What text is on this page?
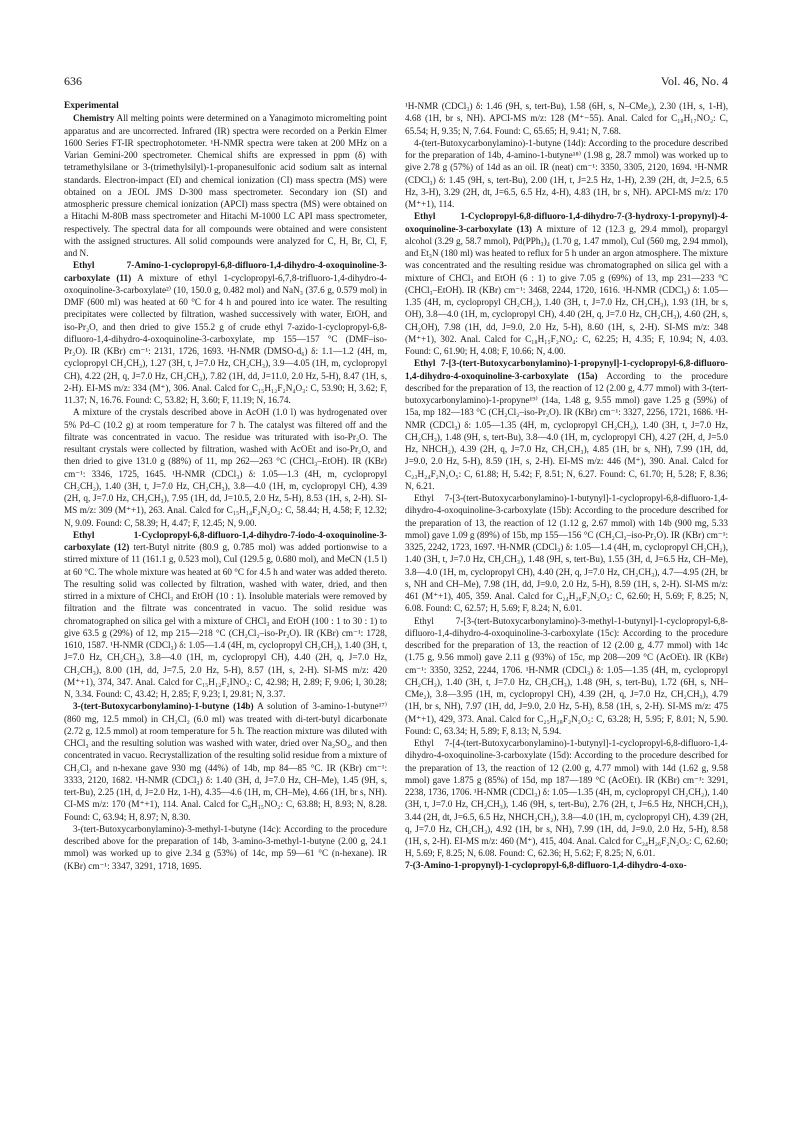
636	Vol. 46, No. 4
Experimental

Chemistry All melting points were determined on a Yanagimoto micromelting point apparatus and are uncorrected. Infrared (IR) spectra were recorded on a Perkin Elmer 1600 Series FT-IR spectrophotometer. ¹H-NMR spectra were taken at 200 MHz on a Varian Gemini-200 spectrometer. Chemical shifts are expressed in ppm (δ) with tetramethylsilane or 3-(trimethylsilyl)-1-propanesulfonic acid sodium salt as internal standards. Electron-impact (EI) and chemical ionization (CI) mass spectra (MS) were obtained on a JEOL JMS D-300 mass spectrometer. Secondary ion (SI) and atmospheric pressure chemical ionization (APCI) mass spectra (MS) were obtained on a Hitachi M-80B mass spectrometer and Hitachi M-1000 LC API mass spectrometer, respectively. The spectral data for all compounds were obtained and were consistent with the assigned structures. All solid compounds were analyzed for C, H, Br, Cl, F, and N.

Ethyl 7-Amino-1-cyclopropyl-6,8-difluoro-1,4-dihydro-4-oxoquinoline-3-carboxylate (11) A mixture of ethyl 1-cyclopropyl-6,7,8-trifluoro-1,4-dihydro-4-oxoquinoline-3-carboxylate²⁾ (10, 150.0 g, 0.482 mol) and NaN₃ (37.6 g, 0.579 mol) in DMF (600 ml) was heated at 60 °C for 4 h and poured into ice water. The resulting precipitates were collected by filtration, washed successively with water, EtOH, and iso-Pr₂O, and then dried to give 155.2 g of crude ethyl 7-azido-1-cyclopropyl-6,8-difluoro-1,4-dihydro-4-oxoquinoline-3-carboxylate, mp 155—157 °C (DMF–iso-Pr₂O). IR (KBr) cm⁻¹: 2131, 1726, 1693. ¹H-NMR (DMSO-d₆) δ: 1.1—1.2 (4H, m, cyclopropyl CH₂CH₂), 1.27 (3H, t, J=7.0 Hz, CH₂CH₃), 3.9—4.05 (1H, m, cyclopropyl CH), 4.22 (2H, q, J=7.0 Hz, CH₂CH₃), 7.82 (1H, dd, J=11.0, 2.0 Hz, 5-H), 8.47 (1H, s, 2-H). EI-MS m/z: 334 (M⁺), 306. Anal. Calcd for C₁₅H₁₂F₂N₄O₃: C, 53.90; H, 3.62; F, 11.37; N, 16.76. Found: C, 53.82; H, 3.60; F, 11.19; N, 16.74.

A mixture of the crystals described above in AcOH (1.0 l) was hydrogenated over 5% Pd–C (10.2 g) at room temperature for 7 h. The catalyst was filtered off and the filtrate was concentrated in vacuo. The residue was triturated with iso-Pr₂O. The resultant crystals were collected by filtration, washed with AcOEt and iso-Pr₂O, and then dried to give 131.0 g (88%) of 11, mp 262—263 °C (CHCl₃–EtOH). IR (KBr) cm⁻¹: 3346, 1725, 1645. ¹H-NMR (CDCl₃) δ: 1.05—1.3 (4H, m, cyclopropyl CH₂CH₂), 1.40 (3H, t, J=7.0 Hz, CH₂CH₃), 3.8—4.0 (1H, m, cyclopropyl CH), 4.39 (2H, q, J=7.0 Hz, CH₂CH₃), 7.95 (1H, dd, J=10.5, 2.0 Hz, 5-H), 8.53 (1H, s, 2-H). SI-MS m/z: 309 (M⁺+1), 263. Anal. Calcd for C₁₅H₁₄F₂N₂O₃: C, 58.44; H, 4.58; F, 12.32; N, 9.09. Found: C, 58.39; H, 4.47; F, 12.45; N, 9.00.

Ethyl 1-Cyclopropyl-6,8-difluoro-1,4-dihydro-7-iodo-4-oxoquinoline-3-carboxylate (12) tert-Butyl nitrite (80.9 g, 0.785 mol) was added portionwise to a stirred mixture of 11 (161.1 g, 0.523 mol), CuI (129.5 g, 0.680 mol), and MeCN (1.5 l) at 60 °C. The whole mixture was heated at 60 °C for 4.5 h and water was added thereto. The resulting solid was collected by filtration, washed with water, dried, and then stirred in a mixture of CHCl₃ and EtOH (10 : 1). Insoluble materials were removed by filtration and the filtrate was concentrated in vacuo. The solid residue was chromatographed on silica gel with a mixture of CHCl₃ and EtOH (100 : 1 to 30 : 1) to give 63.5 g (29%) of 12, mp 215—218 °C (CH₂Cl₂–iso-Pr₂O). IR (KBr) cm⁻¹: 1728, 1610, 1587. ¹H-NMR (CDCl₃) δ: 1.05—1.4 (4H, m, cyclopropyl CH₂CH₂), 1.40 (3H, t, J=7.0 Hz, CH₂CH₃), 3.8—4.0 (1H, m, cyclopropyl CH), 4.40 (2H, q, J=7.0 Hz, CH₂CH₃), 8.00 (1H, dd, J=7.5, 2.0 Hz, 5-H), 8.57 (1H, s, 2-H). SI-MS m/z: 420 (M⁺+1), 374, 347. Anal. Calcd for C₁₅H₁₂F₂INO₃: C, 42.98; H, 2.89; F, 9.06; I, 30.28; N, 3.34. Found: C, 43.42; H, 2.85; F, 9.23; I, 29.81; N, 3.37.

3-(tert-Butoxycarbonylamino)-1-butyne (14b) A solution of 3-amino-1-butyne¹⁷⁾ (860 mg, 12.5 mmol) in CH₂Cl₂ (6.0 ml) was treated with di-tert-butyl dicarbonate (2.72 g, 12.5 mmol) at room temperature for 5 h. The reaction mixture was diluted with CHCl₃ and the resulting solution was washed with water, dried over Na₂SO₄, and then concentrated in vacuo. Recrystallization of the resulting solid residue from a mixture of CH₂Cl₂ and n-hexane gave 930 mg (44%) of 14b, mp 84—85 °C. IR (KBr) cm⁻¹: 3333, 2120, 1682. ¹H-NMR (CDCl₃) δ: 1.40 (3H, d, J=7.0 Hz, CH–Me), 1.45 (9H, s, tert-Bu), 2.25 (1H, d, J=2.0 Hz, 1-H), 4.35—4.6 (1H, m, CH–Me), 4.66 (1H, br s, NH). CI-MS m/z: 170 (M⁺+1), 114. Anal. Calcd for C₉H₁₅NO₂: C, 63.88; H, 8.93; N, 8.28. Found: C, 63.94; H, 8.97; N, 8.30.

3-(tert-Butoxycarbonylamino)-3-methyl-1-butyne (14c): According to the procedure described above for the preparation of 14b, 3-amino-3-methyl-1-butyne (2.00 g, 24.1 mmol) was worked up to give 2.34 g (53%) of 14c, mp 59—61 °C (n-hexane). IR (KBr) cm⁻¹: 3347, 3291, 1718, 1695.

¹H-NMR (CDCl₃) δ: 1.46 (9H, s, tert-Bu), 1.58 (6H, s, N–CMe₂), 2.30 (1H, s, 1-H), 4.68 (1H, br s, NH). APCI-MS m/z: 128 (M⁺−55). Anal. Calcd for C₁₀H₁₇NO₂: C, 65.54; H, 9.35; N, 7.64. Found: C, 65.65; H, 9.41; N, 7.68.

4-(tert-Butoxycarbonylamino)-1-butyne (14d): According to the procedure described for the preparation of 14b, 4-amino-1-butyne¹⁸⁾ (1.98 g, 28.7 mmol) was worked up to give 2.78 g (57%) of 14d as an oil. IR (neat) cm⁻¹: 3350, 3305, 2120, 1694. ¹H-NMR (CDCl₃) δ: 1.45 (9H, s, tert-Bu), 2.00 (1H, t, J=2.5 Hz, 1-H), 2.39 (2H, dt, J=2.5, 6.5 Hz, 3-H), 3.29 (2H, dt, J=6.5, 6.5 Hz, 4-H), 4.83 (1H, br s, NH). APCI-MS m/z: 170 (M⁺+1), 114.

Ethyl 1-Cyclopropyl-6,8-difluoro-1,4-dihydro-7-(3-hydroxy-1-propynyl)-4-oxoquinoline-3-carboxylate (13) A mixture of 12 (12.3 g, 29.4 mmol), propargyl alcohol (3.29 g, 58.7 mmol), Pd(PPh₃)₄ (1.70 g, 1.47 mmol), CuI (560 mg, 2.94 mmol), and Et₃N (180 ml) was heated to reflux for 5 h under an argon atmosphere. The mixture was concentrated and the resulting residue was chromatographed on silica gel with a mixture of CHCl₃ and EtOH (6 : 1) to give 7.05 g (69%) of 13, mp 231—233 °C (CHCl₃–EtOH). IR (KBr) cm⁻¹: 3468, 2244, 1720, 1616. ¹H-NMR (CDCl₃) δ: 1.05—1.35 (4H, m, cyclopropyl CH₂CH₂), 1.40 (3H, t, J=7.0 Hz, CH₂CH₃), 1.93 (1H, br s, OH), 3.8—4.0 (1H, m, cyclopropyl CH), 4.40 (2H, q, J=7.0 Hz, CH₂CH₃), 4.60 (2H, s, CH₂OH), 7.98 (1H, dd, J=9.0, 2.0 Hz, 5-H), 8.60 (1H, s, 2-H). SI-MS m/z: 348 (M⁺+1), 302. Anal. Calcd for C₁₈H₁₅F₂NO₄: C, 62.25; H, 4.35; F, 10.94; N, 4.03. Found: C, 61.90; H, 4.08; F, 10.66; N, 4.00.

Ethyl 7-[3-(tert-Butoxycarbonylamino)-1-propynyl]-1-cyclopropyl-6,8-difluoro-1,4-dihydro-4-oxoquinoline-3-carboxylate (15a) According to the procedure described for the preparation of 13, the reaction of 12 (2.00 g, 4.77 mmol) with 3-(tert-butoxycarbonylamino)-1-propyne¹⁹⁾ (14a, 1.48 g, 9.55 mmol) gave 1.25 g (59%) of 15a, mp 182—183 °C (CH₂Cl₂–iso-Pr₂O). IR (KBr) cm⁻¹: 3327, 2256, 1721, 1686. ¹H-NMR (CDCl₃) δ: 1.05—1.35 (4H, m, cyclopropyl CH₂CH₂), 1.40 (3H, t, J=7.0 Hz, CH₂CH₃), 1.48 (9H, s, tert-Bu), 3.8—4.0 (1H, m, cyclopropyl CH), 4.27 (2H, d, J=5.0 Hz, NHCH₂), 4.39 (2H, q, J=7.0 Hz, CH₂CH₃), 4.85 (1H, br s, NH), 7.99 (1H, dd, J=9.0, 2.0 Hz, 5-H), 8.59 (1H, s, 2-H). EI-MS m/z: 446 (M⁺), 390. Anal. Calcd for C₂₃H₂₄F₂N₂O₅: C, 61.88; H, 5.42; F, 8.51; N, 6.27. Found: C, 61.70; H, 5.28; F, 8.36; N, 6.21.

Ethyl 7-[3-(tert-Butoxycarbonylamino)-1-butynyl]-1-cyclopropyl-6,8-difluoro-1,4-dihydro-4-oxoquinoline-3-carboxylate (15b): According to the procedure described for the preparation of 13, the reaction of 12 (1.12 g, 2.67 mmol) with 14b (900 mg, 5.33 mmol) gave 1.09 g (89%) of 15b, mp 155—156 °C (CH₂Cl₂–iso-Pr₂O). IR (KBr) cm⁻¹: 3325, 2242, 1723, 1697. ¹H-NMR (CDCl₃) δ: 1.05—1.4 (4H, m, cyclopropyl CH₂CH₂), 1.40 (3H, t, J=7.0 Hz, CH₂CH₃), 1.48 (9H, s, tert-Bu), 1.55 (3H, d, J=6.5 Hz, CH–Me), 3.8—4.0 (1H, m, cyclopropyl CH), 4.40 (2H, q, J=7.0 Hz, CH₂CH₃), 4.7—4.95 (2H, br s, NH and CH–Me), 7.98 (1H, dd, J=9.0, 2.0 Hz, 5-H), 8.59 (1H, s, 2-H). SI-MS m/z: 461 (M⁺+1), 405, 359. Anal. Calcd for C₂₄H₂₆F₂N₂O₅: C, 62.60; H, 5.69; F, 8.25; N, 6.08. Found: C, 62.57; H, 5.69; F, 8.24; N, 6.01.

Ethyl 7-[3-(tert-Butoxycarbonylamino)-3-methyl-1-butynyl]-1-cyclopropyl-6,8-difluoro-1,4-dihydro-4-oxoquinoline-3-carboxylate (15c): According to the procedure described for the preparation of 13, the reaction of 12 (2.00 g, 4.77 mmol) with 14c (1.75 g, 9.56 mmol) gave 2.11 g (93%) of 15c, mp 208—209 °C (AcOEt). IR (KBr) cm⁻¹: 3350, 3252, 2244, 1706. ¹H-NMR (CDCl₃) δ: 1.05—1.35 (4H, m, cyclopropyl CH₂CH₂), 1.40 (3H, t, J=7.0 Hz, CH₂CH₃), 1.48 (9H, s, tert-Bu), 1.72 (6H, s, NH–CMe₂), 3.8—3.95 (1H, m, cyclopropyl CH), 4.39 (2H, q, J=7.0 Hz, CH₂CH₃), 4.79 (1H, br s, NH), 7.97 (1H, dd, J=9.0, 2.0 Hz, 5-H), 8.58 (1H, s, 2-H). SI-MS m/z: 475 (M⁺+1), 429, 373. Anal. Calcd for C₂₅H₂₈F₂N₂O₅: C, 63.28; H, 5.95; F, 8.01; N, 5.90. Found: C, 63.34; H, 5.89; F, 8.13; N, 5.94.

Ethyl 7-[4-(tert-Butoxycarbonylamino)-1-butynyl]-1-cyclopropyl-6,8-difluoro-1,4-dihydro-4-oxoquinoline-3-carboxylate (15d): According to the procedure described for the preparation of 13, the reaction of 12 (2.00 g, 4.77 mmol) with 14d (1.62 g, 9.58 mmol) gave 1.875 g (85%) of 15d, mp 187—189 °C (AcOEt). IR (KBr) cm⁻¹: 3291, 2238, 1736, 1706. ¹H-NMR (CDCl₃) δ: 1.05—1.35 (4H, m, cyclopropyl CH₂CH₂), 1.40 (3H, t, J=7.0 Hz, CH₂CH₃), 1.46 (9H, s, tert-Bu), 2.76 (2H, t, J=6.5 Hz, NHCH₂CH₂), 3.44 (2H, dt, J=6.5, 6.5 Hz, NHCH₂CH₂), 3.8—4.0 (1H, m, cyclopropyl CH), 4.39 (2H, q, J=7.0 Hz, CH₂CH₃), 4.92 (1H, br s, NH), 7.99 (1H, dd, J=9.0, 2.0 Hz, 5-H), 8.58 (1H, s, 2-H). EI-MS m/z: 460 (M⁺), 415, 404. Anal. Calcd for C₂₄H₂₆F₂N₂O₅: C, 62.60; H, 5.69; F, 8.25; N, 6.08. Found: C, 62.36; H, 5.62; F, 8.25; N, 6.01.

7-(3-Amino-1-propynyl)-1-cyclopropyl-6,8-difluoro-1,4-dihydro-4-oxo-
